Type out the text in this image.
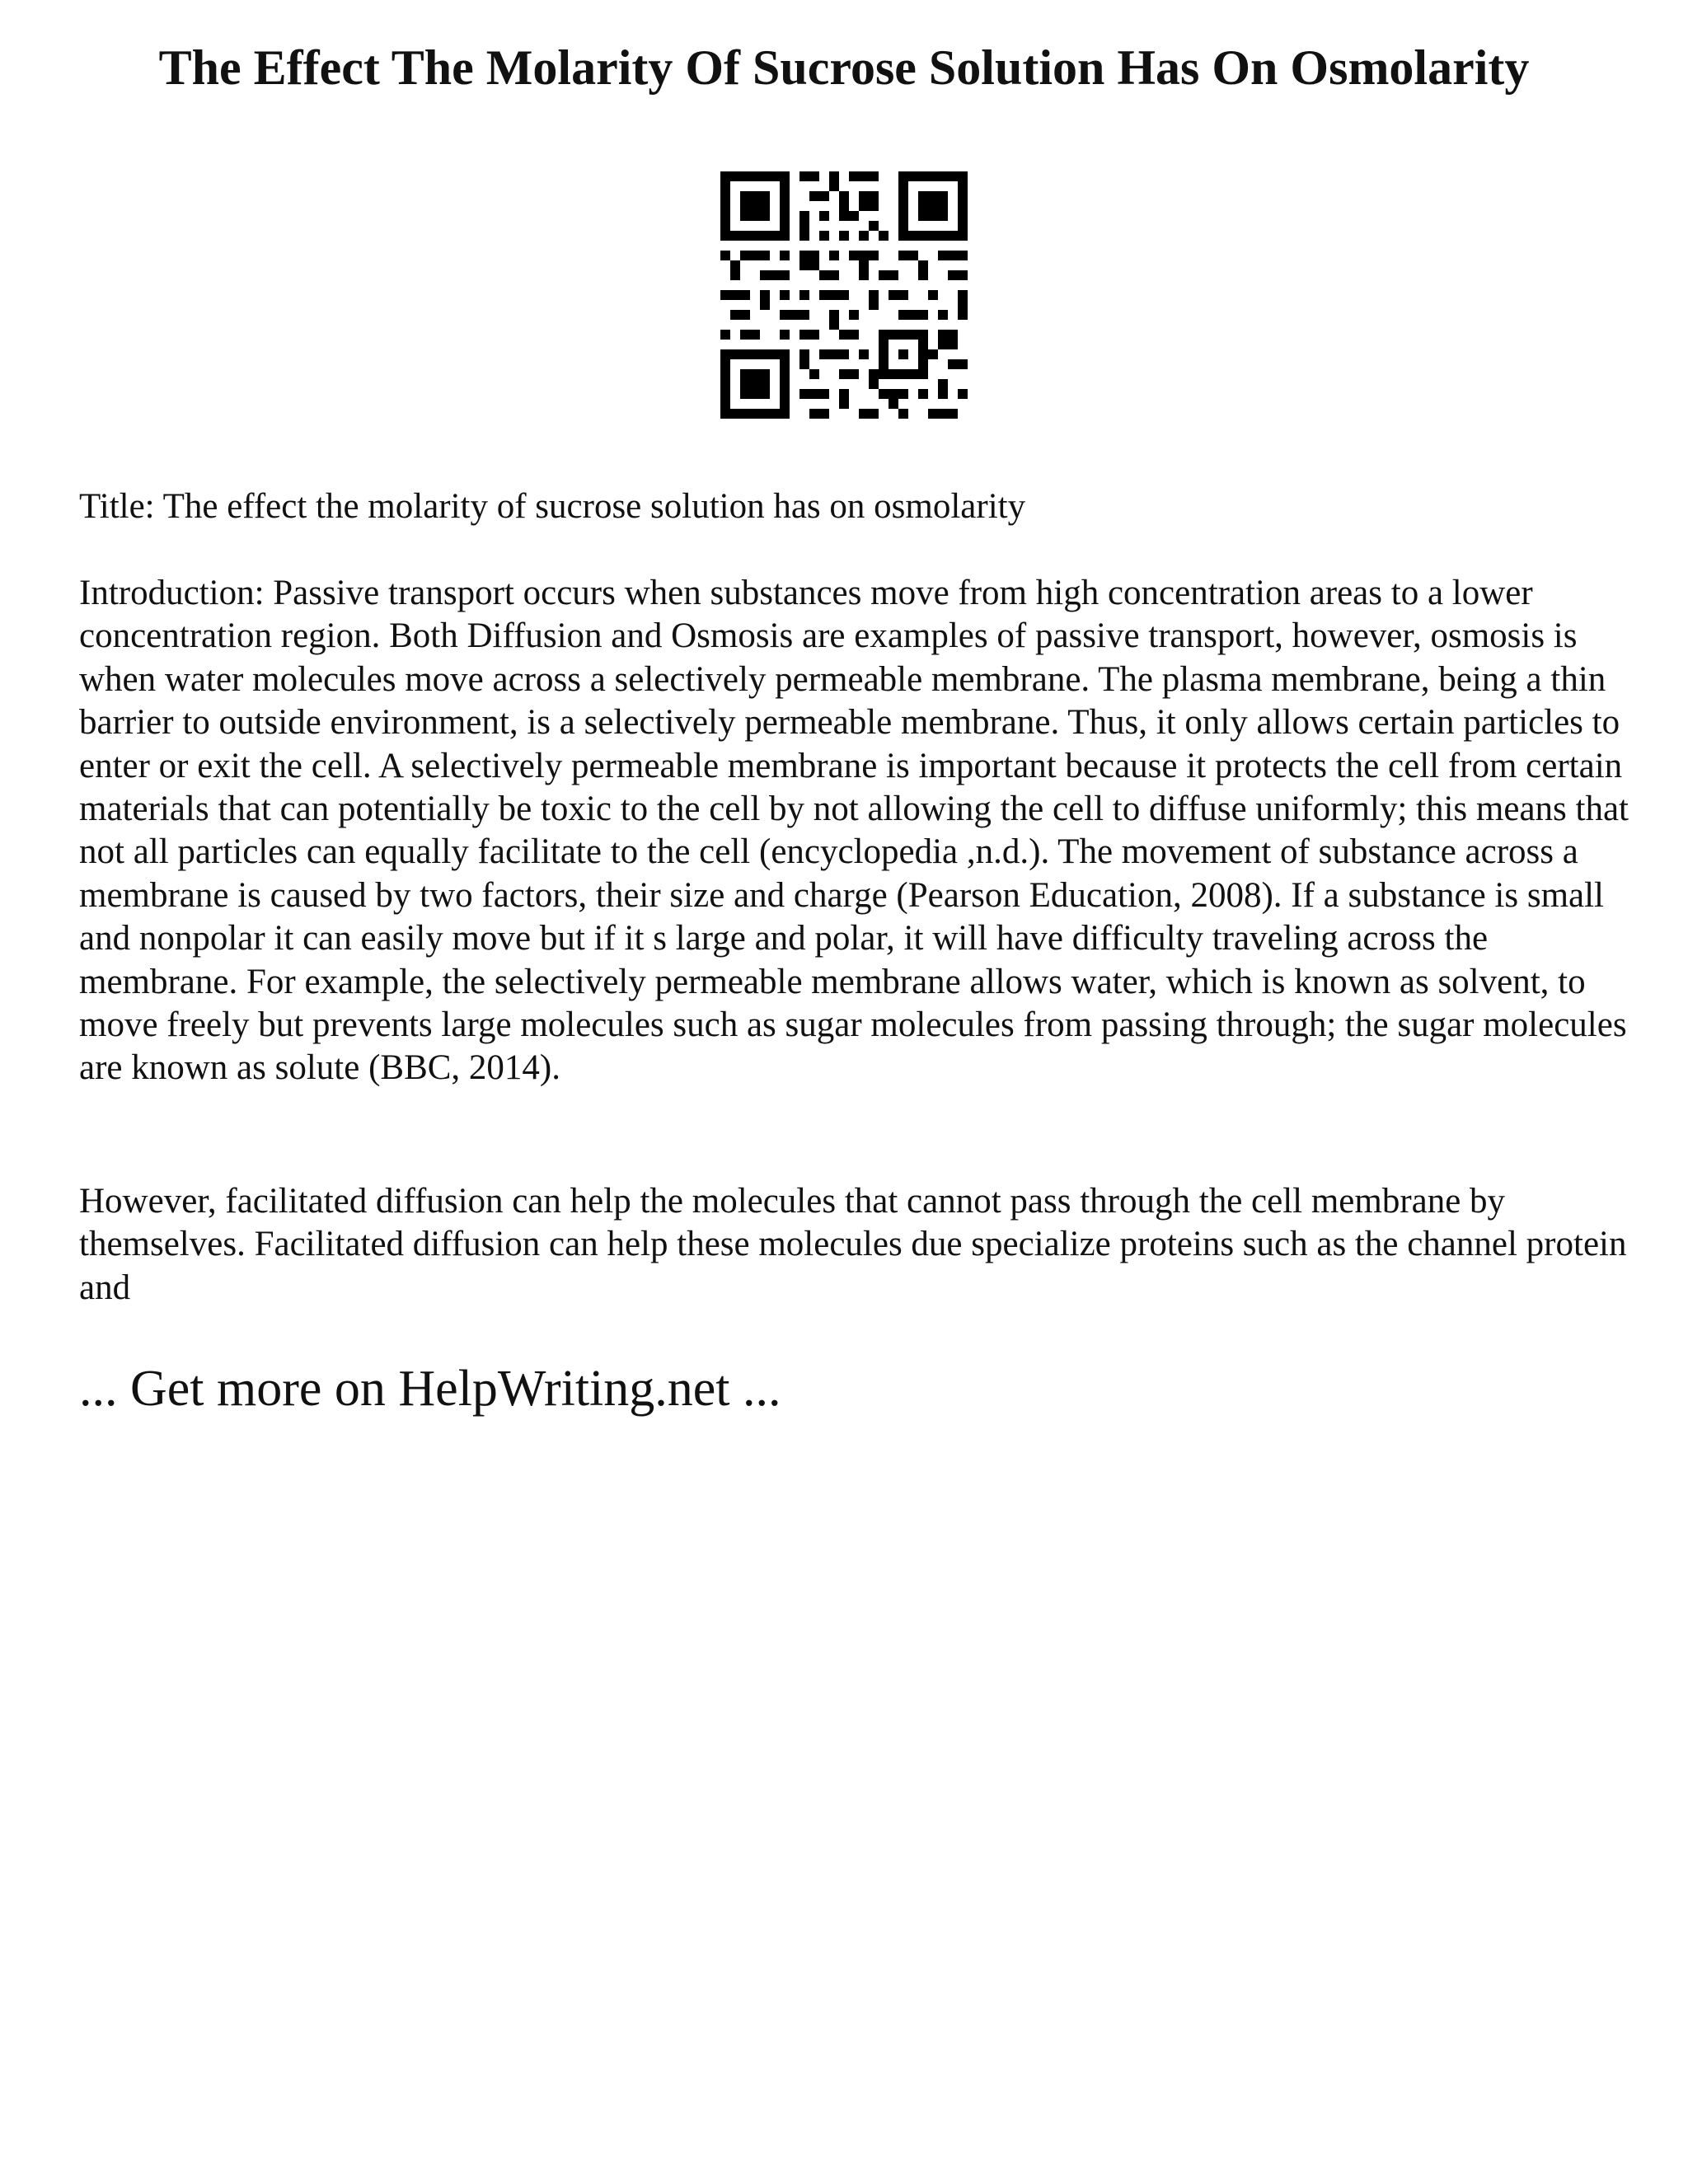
The Effect The Molarity Of Sucrose Solution Has On Osmolarity

Title: The effect the molarity of sucrose solution has on osmolarity

Introduction: Passive transport occurs when substances move from high concentration areas to a lower concentration region. Both Diffusion and Osmosis are examples of passive transport, however, osmosis is when water molecules move across a selectively permeable membrane. The plasma membrane, being a thin barrier to outside environment, is a selectively permeable membrane. Thus, it only allows certain particles to enter or exit the cell. A selectively permeable membrane is important because it protects the cell from certain materials that can potentially be toxic to the cell by not allowing the cell to diffuse uniformly; this means that not all particles can equally facilitate to the cell (encyclopedia ,n.d.). The movement of substance across a membrane is caused by two factors, their size and charge (Pearson Education, 2008). If a substance is small and nonpolar it can easily move but if it s large and polar, it will have difficulty traveling across the membrane. For example, the selectively permeable membrane allows water, which is known as solvent, to move freely but prevents large molecules such as sugar molecules from passing through; the sugar molecules are known as solute (BBC, 2014).

However, facilitated diffusion can help the molecules that cannot pass through the cell membrane by themselves. Facilitated diffusion can help these molecules due specialize proteins such as the channel protein and

... Get more on HelpWriting.net ...
